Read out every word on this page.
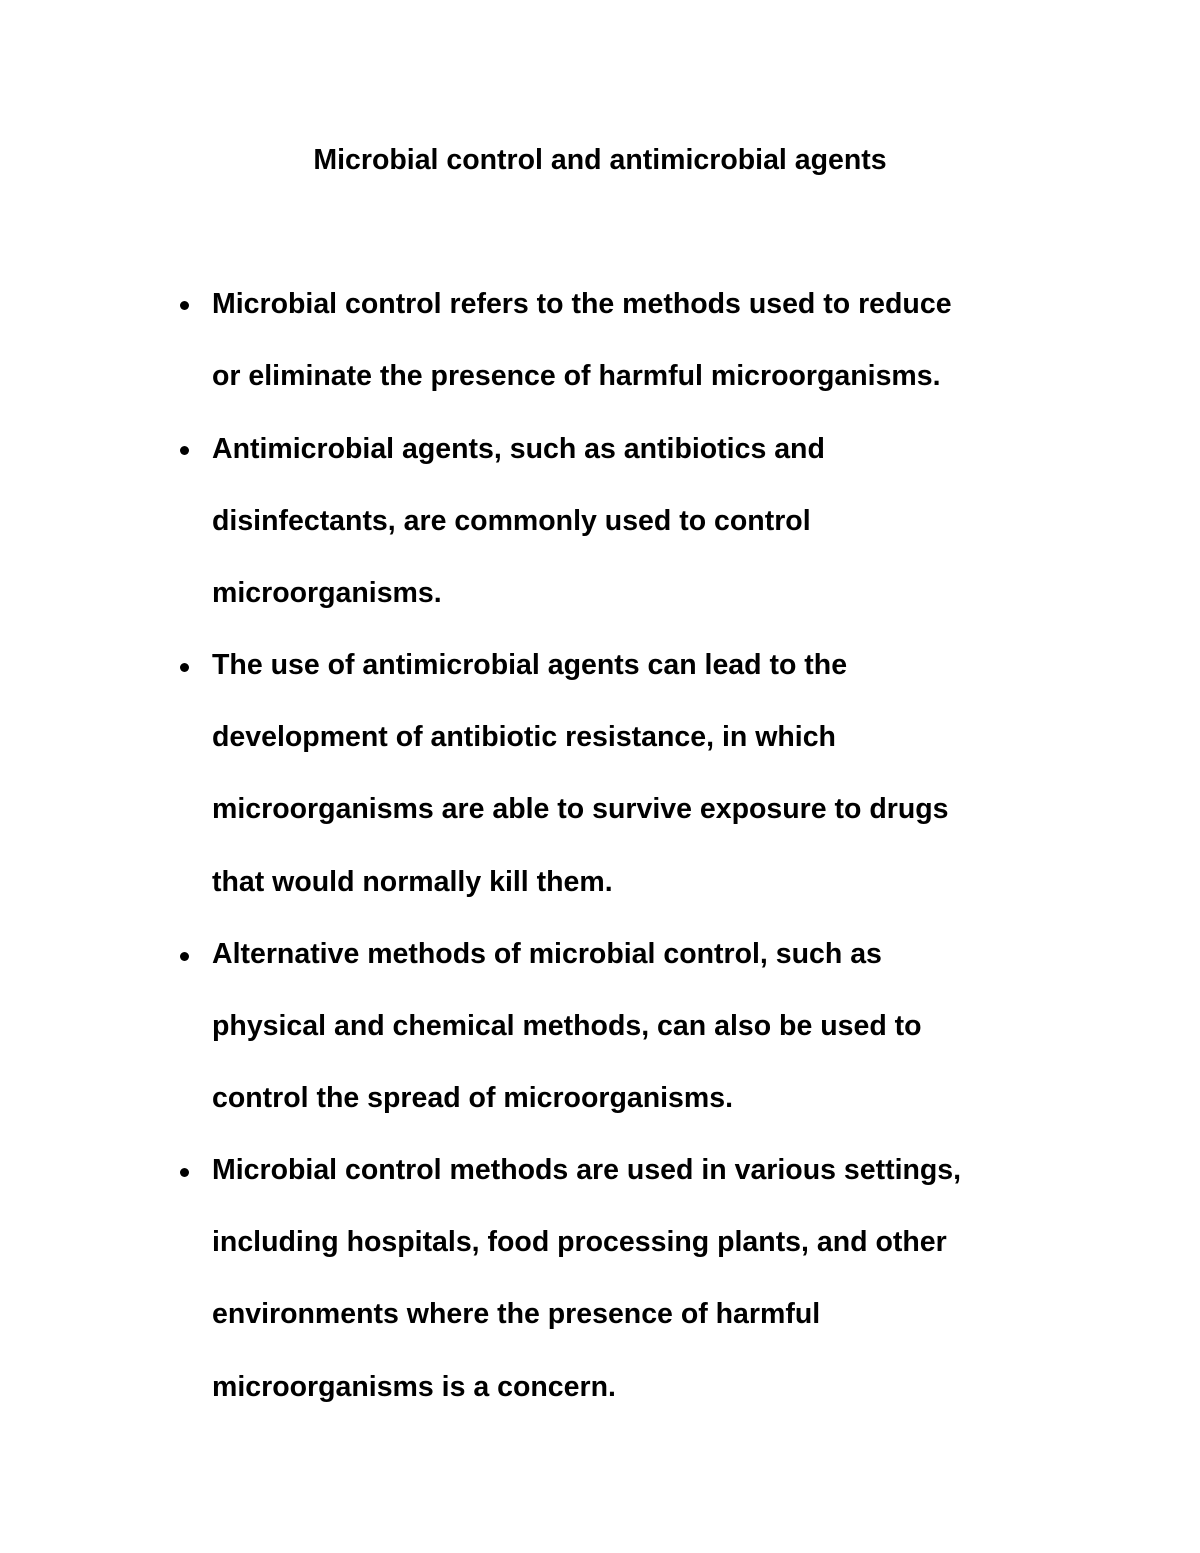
Microbial control and antimicrobial agents
Microbial control refers to the methods used to reduce
or eliminate the presence of harmful microorganisms.
Antimicrobial agents, such as antibiotics and
disinfectants, are commonly used to control
microorganisms.
The use of antimicrobial agents can lead to the
development of antibiotic resistance, in which
microorganisms are able to survive exposure to drugs
that would normally kill them.
Alternative methods of microbial control, such as
physical and chemical methods, can also be used to
control the spread of microorganisms.
Microbial control methods are used in various settings,
including hospitals, food processing plants, and other
environments where the presence of harmful
microorganisms is a concern.
